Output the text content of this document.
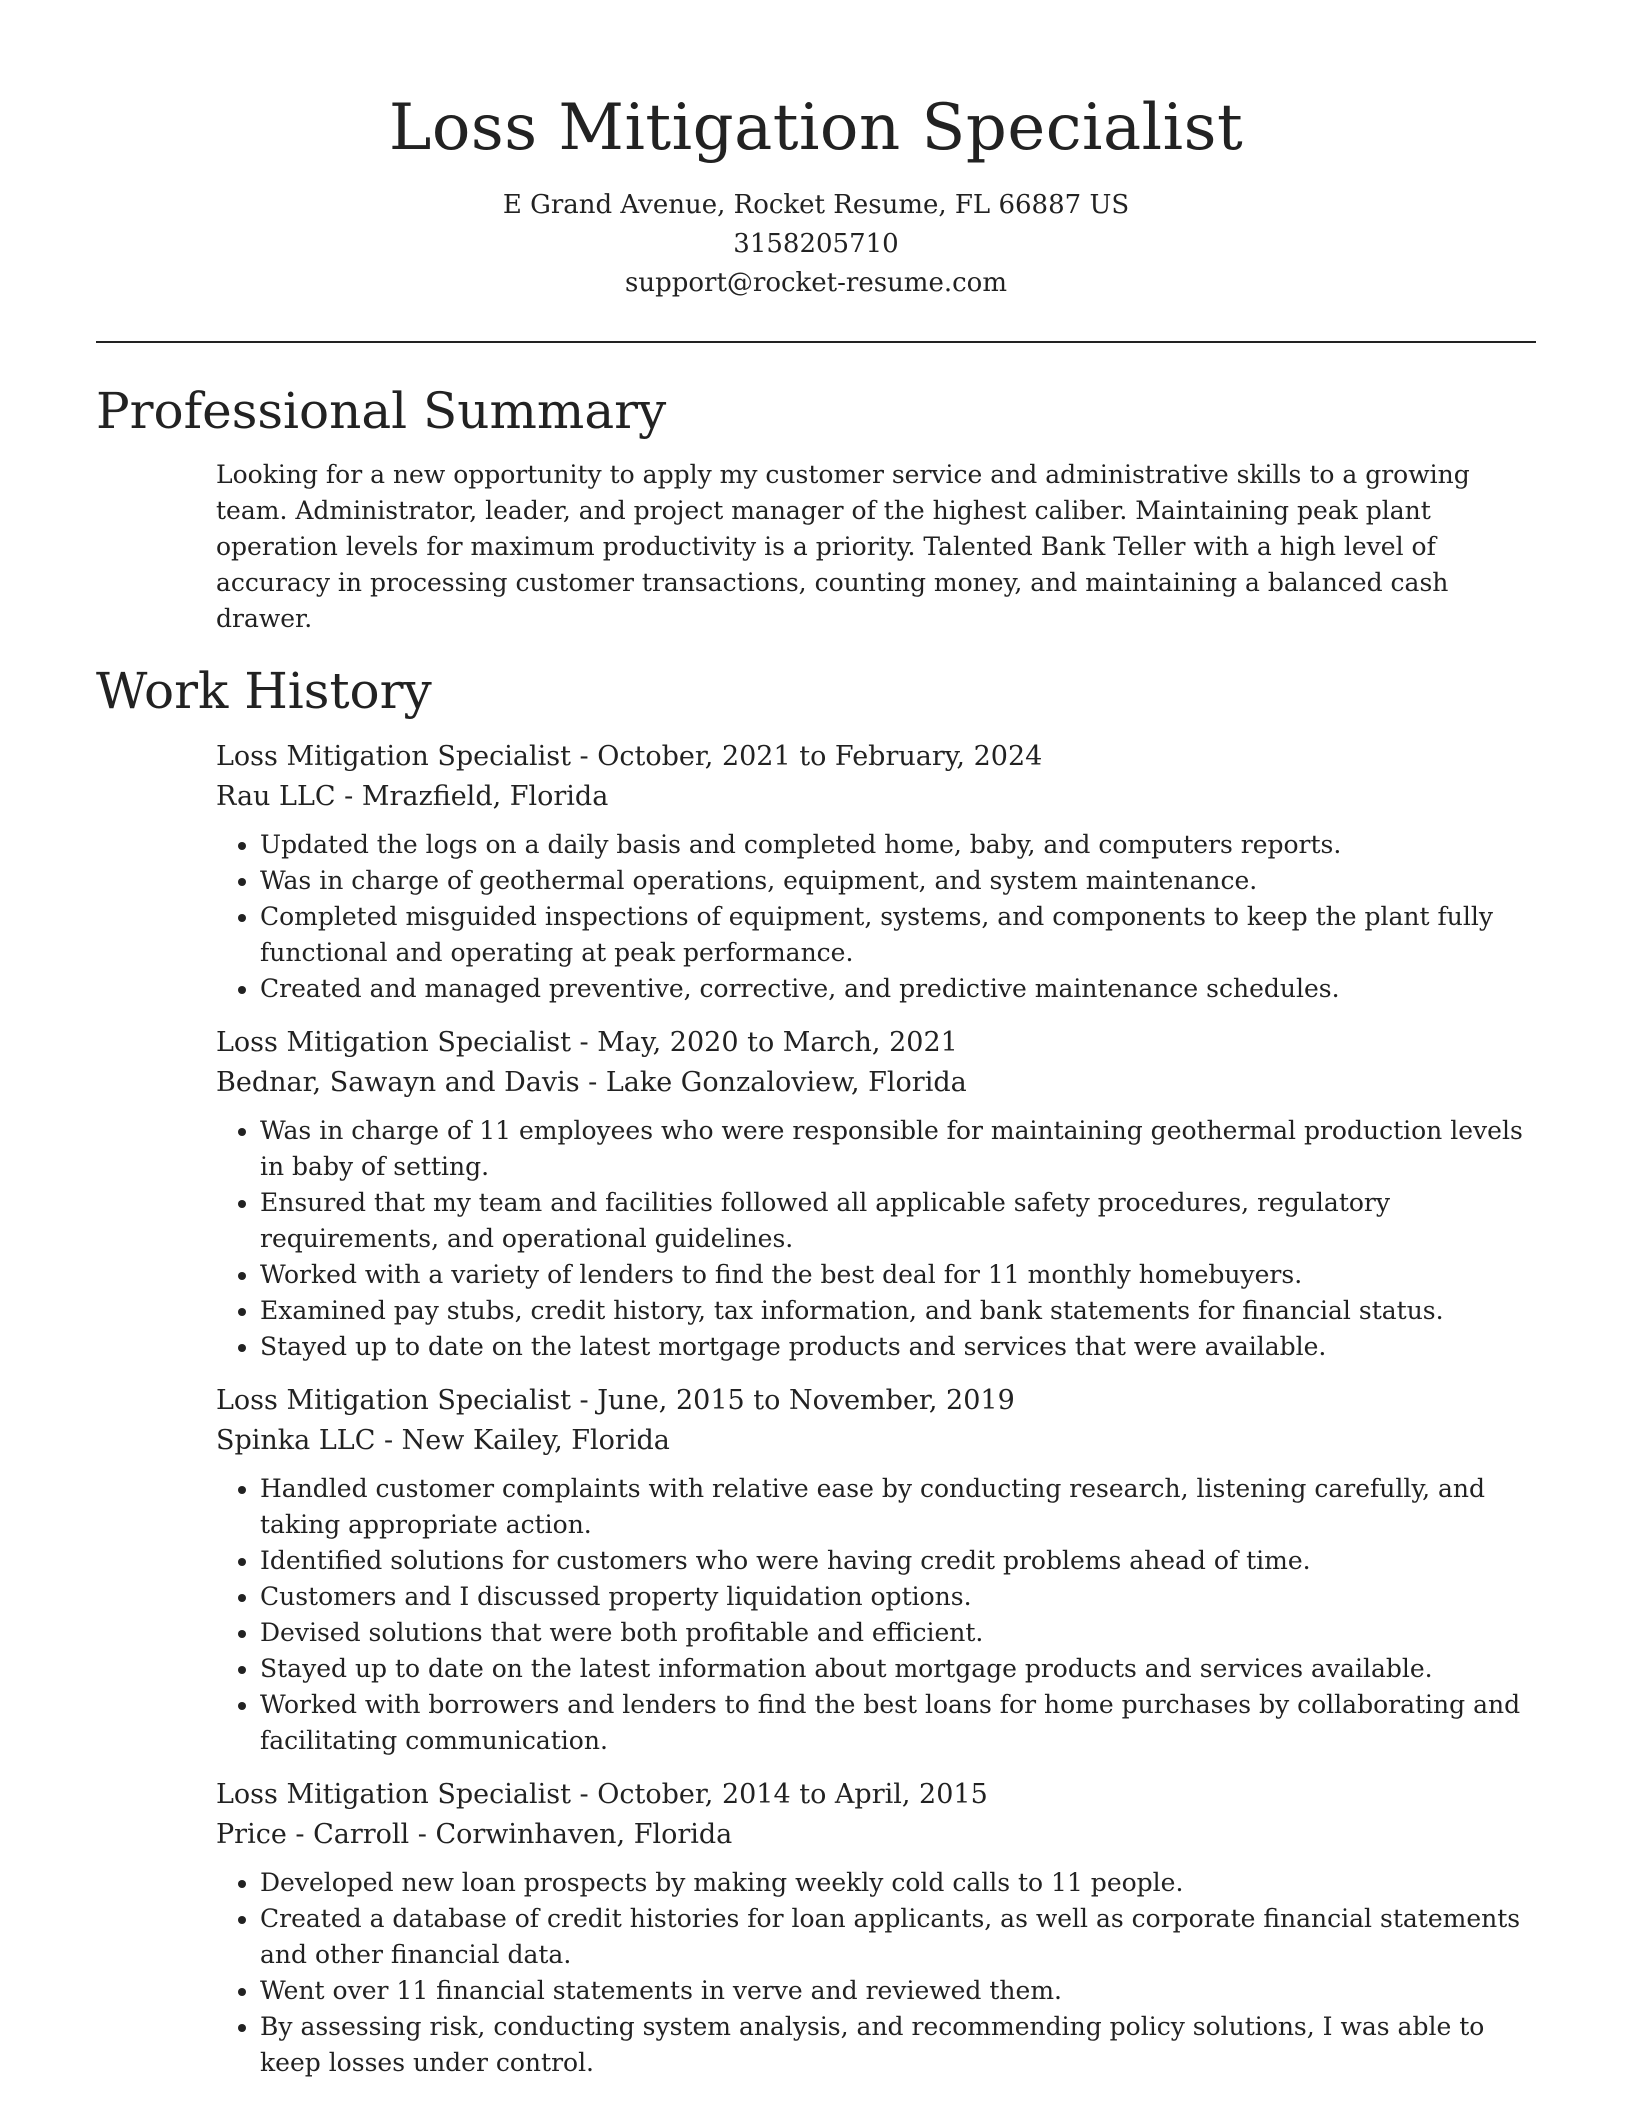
Loss Mitigation Specialist
E Grand Avenue, Rocket Resume, FL 66887 US
3158205710
support@rocket-resume.com
Professional Summary

Looking for a new opportunity to apply my customer service and administrative skills to a growing team. Administrator, leader, and project manager of the highest caliber. Maintaining peak plant operation levels for maximum productivity is a priority. Talented Bank Teller with a high level of accuracy in processing customer transactions, counting money, and maintaining a balanced cash drawer.

Work History
Loss Mitigation Specialist - October, 2021 to February, 2024
Rau LLC - Mrazfield, Florida
• Updated the logs on a daily basis and completed home, baby, and computers reports.
• Was in charge of geothermal operations, equipment, and system maintenance.
• Completed misguided inspections of equipment, systems, and components to keep the plant fully functional and operating at peak performance.
• Created and managed preventive, corrective, and predictive maintenance schedules.
Loss Mitigation Specialist - May, 2020 to March, 2021
Bednar, Sawayn and Davis - Lake Gonzaloview, Florida
• Was in charge of 11 employees who were responsible for maintaining geothermal production levels in baby of setting.
• Ensured that my team and facilities followed all applicable safety procedures, regulatory requirements, and operational guidelines.
• Worked with a variety of lenders to find the best deal for 11 monthly homebuyers.
• Examined pay stubs, credit history, tax information, and bank statements for financial status.
• Stayed up to date on the latest mortgage products and services that were available.
Loss Mitigation Specialist - June, 2015 to November, 2019
Spinka LLC - New Kailey, Florida
• Handled customer complaints with relative ease by conducting research, listening carefully, and taking appropriate action.
• Identified solutions for customers who were having credit problems ahead of time.
• Customers and I discussed property liquidation options.
• Devised solutions that were both profitable and efficient.
• Stayed up to date on the latest information about mortgage products and services available.
• Worked with borrowers and lenders to find the best loans for home purchases by collaborating and facilitating communication.
Loss Mitigation Specialist - October, 2014 to April, 2015
Price - Carroll - Corwinhaven, Florida
• Developed new loan prospects by making weekly cold calls to 11 people.
• Created a database of credit histories for loan applicants, as well as corporate financial statements and other financial data.
• Went over 11 financial statements in verve and reviewed them.
• By assessing risk, conducting system analysis, and recommending policy solutions, I was able to keep losses under control.
